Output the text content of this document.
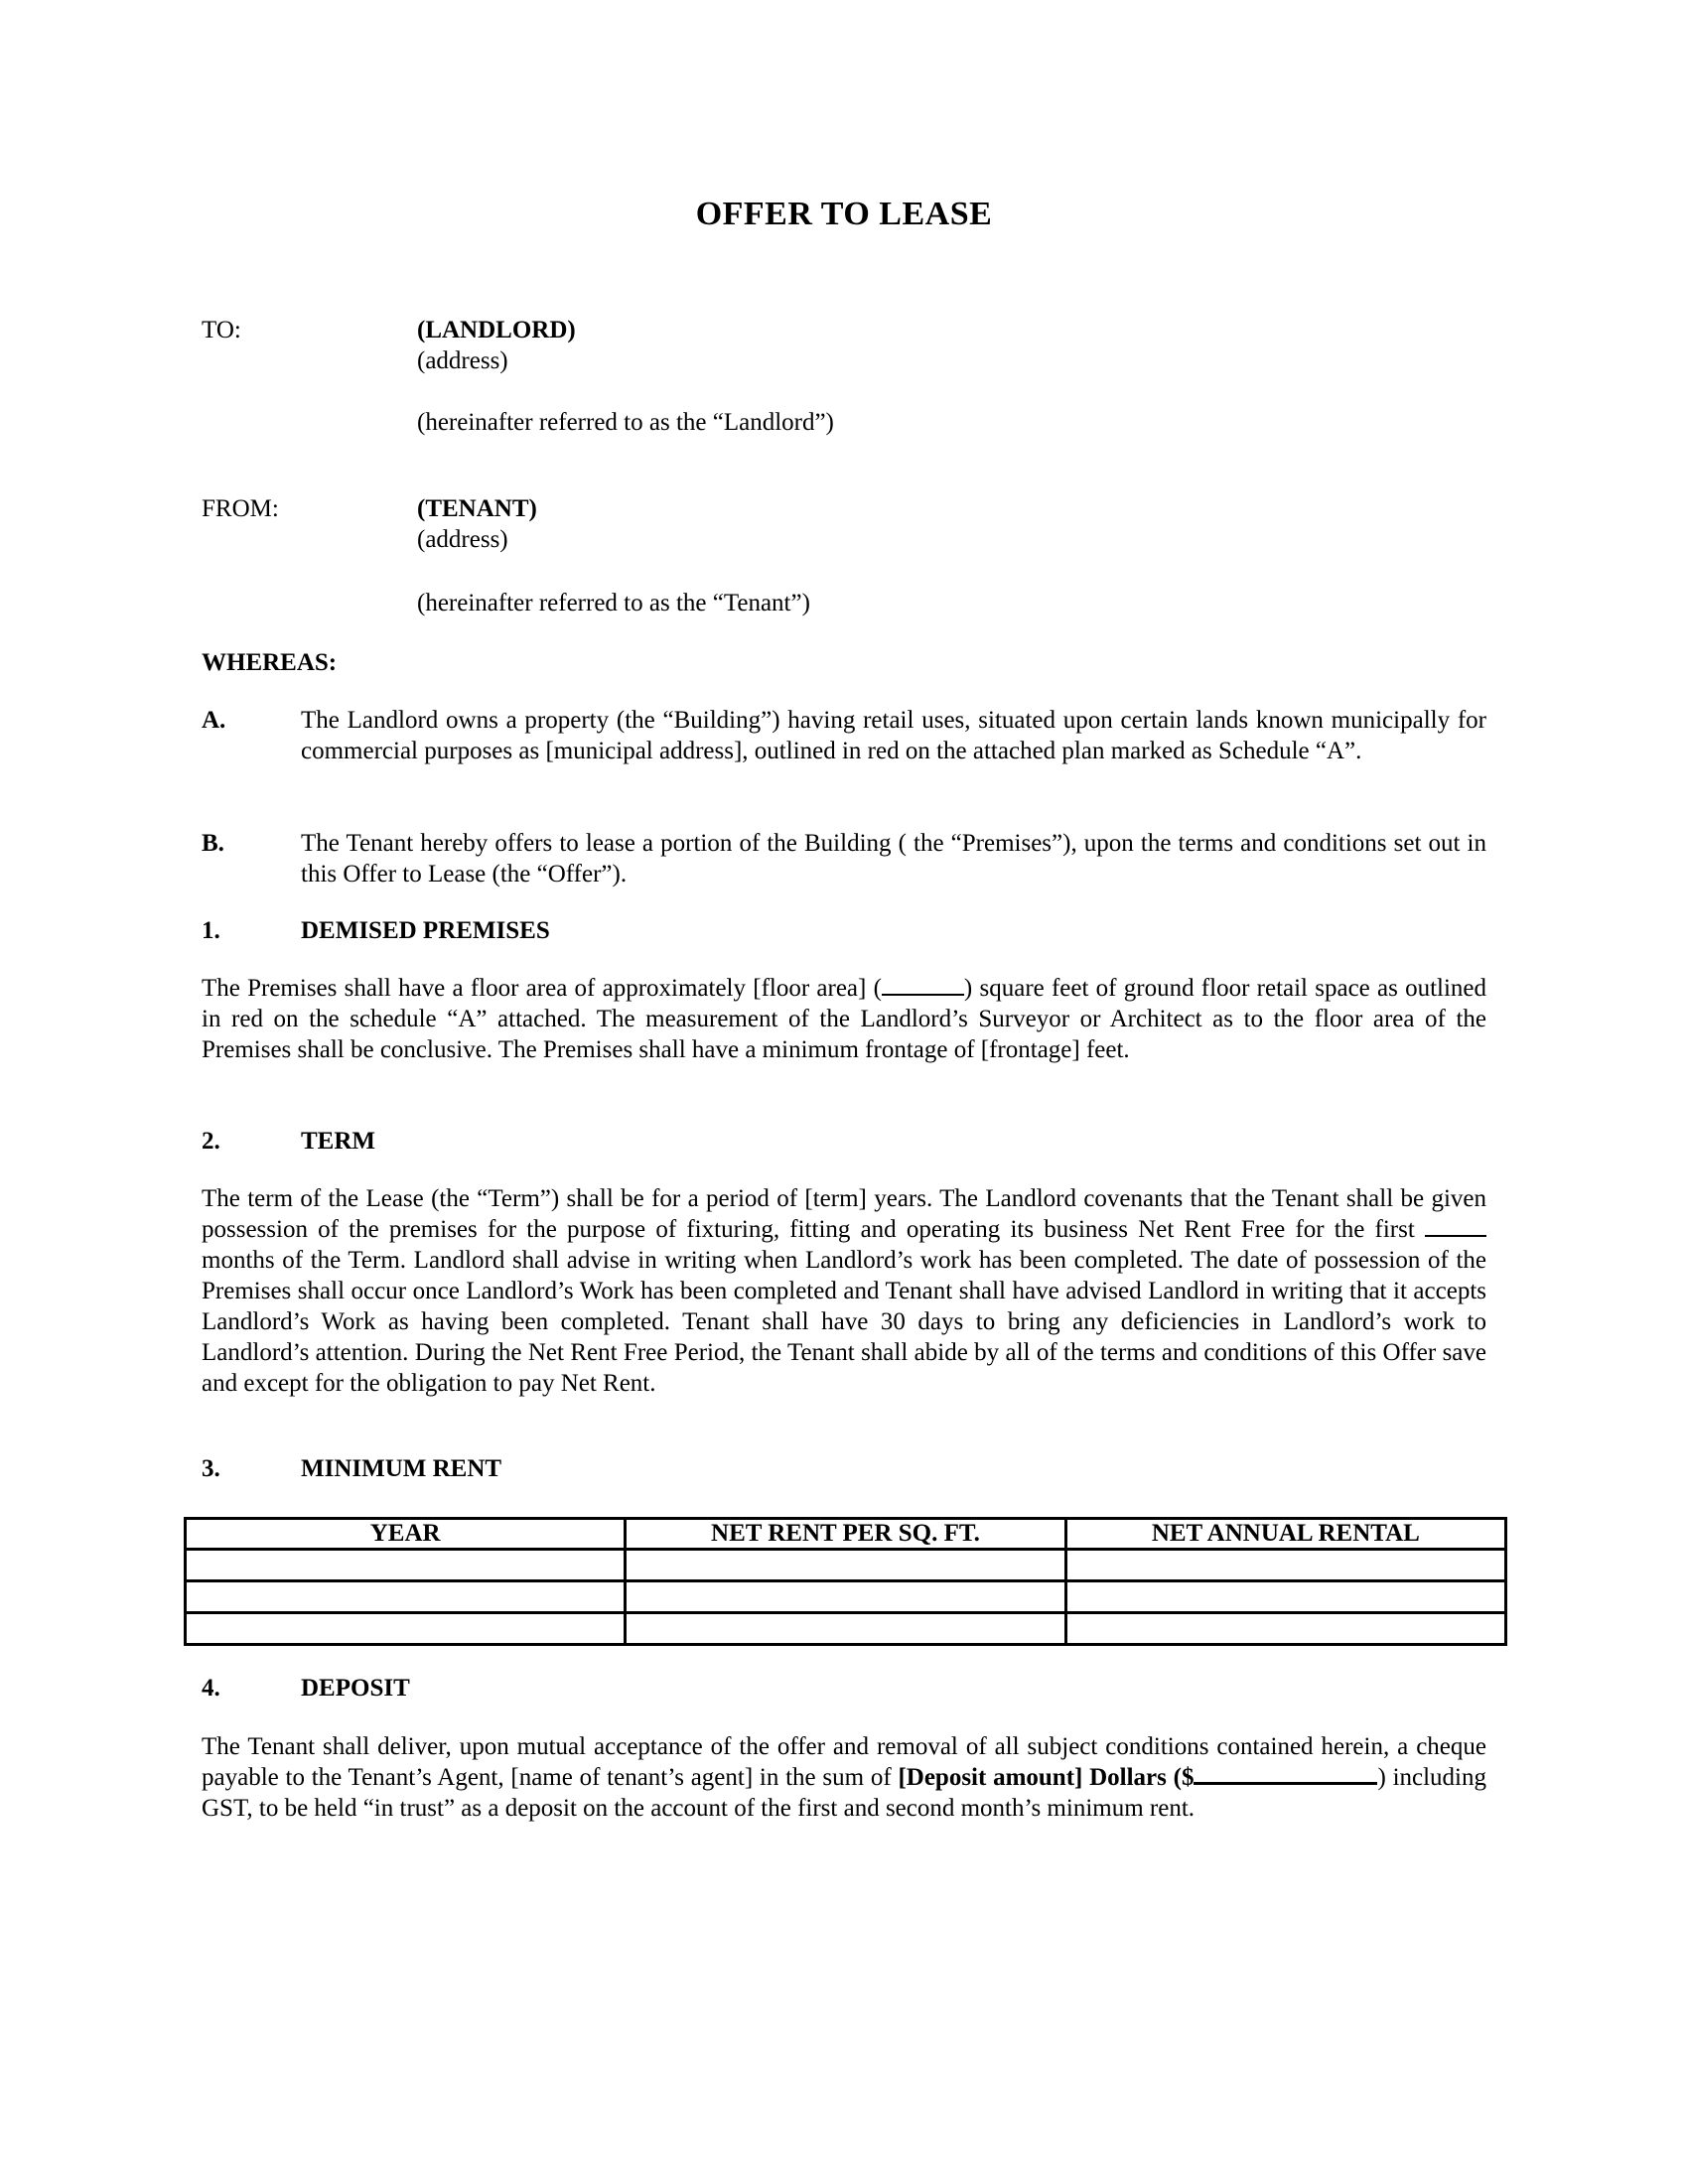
OFFER TO LEASE
TO:	(LANDLORD)
(address)
(hereinafter referred to as the “Landlord”)
FROM:	(TENANT)
(address)
(hereinafter referred to as the “Tenant”)
WHEREAS:
A.	The Landlord owns a property (the “Building”) having retail uses, situated upon certain lands known municipally for commercial purposes as [municipal address], outlined in red on the attached plan marked as Schedule “A”.
B.	The Tenant hereby offers to lease a portion of the Building ( the “Premises”), upon the terms and conditions set out in this Offer to Lease (the “Offer”).
1.	DEMISED PREMISES
The Premises shall have a floor area of approximately [floor area] (	) square feet of ground floor retail space as outlined in red on the schedule “A” attached. The measurement of the Landlord’s Surveyor or Architect as to the floor area of the Premises shall be conclusive. The Premises shall have a minimum frontage of [frontage] feet.
2.	TERM
The term of the Lease (the “Term”) shall be for a period of [term] years. The Landlord covenants that the Tenant shall be given possession of the premises for the purpose of fixturing, fitting and operating its business Net Rent Free for the first  months of the Term. Landlord shall advise in writing when Landlord’s work has been completed. The date of possession of the Premises shall occur once Landlord’s Work has been completed and Tenant shall have advised Landlord in writing that it accepts Landlord’s Work as having been completed. Tenant shall have 30 days to bring any deficiencies in Landlord’s work to Landlord’s attention. During the Net Rent Free Period, the Tenant shall abide by all of the terms and conditions of this Offer save and except for the obligation to pay Net Rent.
3.	MINIMUM RENT
YEAR	NET RENT PER SQ. FT.	NET ANNUAL RENTAL

4.	DEPOSIT
The Tenant shall deliver, upon mutual acceptance of the offer and removal of all subject conditions contained herein, a cheque payable to the Tenant’s Agent, [name of tenant’s agent] in the sum of [Deposit amount] Dollars ($	) including GST, to be held “in trust” as a deposit on the account of the first and second month’s minimum rent.
